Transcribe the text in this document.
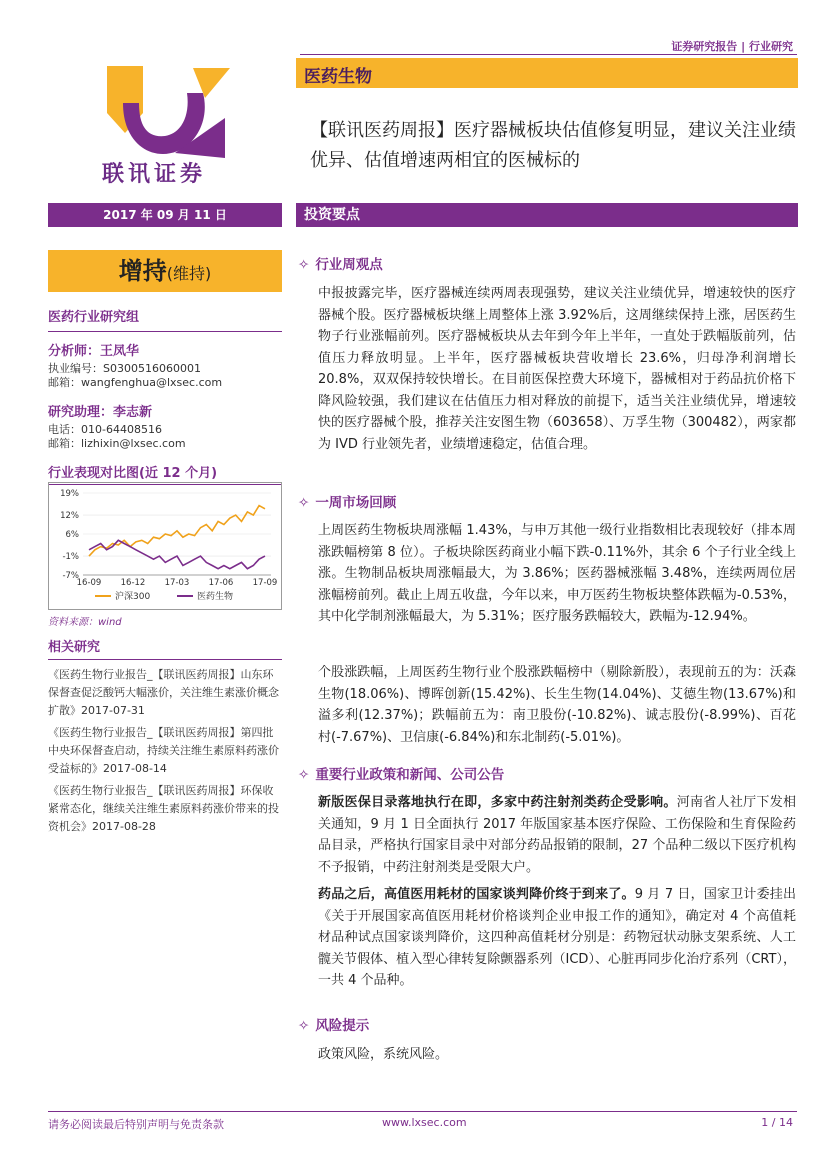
证券研究报告 | 行业研究
联讯证券
医药生物
【联讯医药周报】医疗器械板块估值修复明显，建议关注业绩优异、估值增速两相宜的医械标的
2017 年 09 月 11 日	投资要点
增持(维持)
医药行业研究组
分析师：王凤华
执业编号：S0300516060001
邮箱：wangfenghua@lxsec.com
研究助理：李志新
电话：010-64408516
邮箱：lizhixin@lxsec.com
行业表现对比图(近 12 个月)
19%
12%
6%
-1%
-7%
16-09 16-12 17-03 17-06 17-09
沪深300	医药生物
资料来源：wind
相关研究
《医药生物行业报告_【联讯医药周报】山东环保督查促泛酸钙大幅涨价，关注维生素涨价概念扩散》2017-07-31
《医药生物行业报告_【联讯医药周报】第四批中央环保督查启动，持续关注维生素原料药涨价受益标的》2017-08-14
《医药生物行业报告_【联讯医药周报】环保收紧常态化，继续关注维生素原料药涨价带来的投资机会》2017-08-28
✧ 行业周观点
中报披露完毕，医疗器械连续两周表现强势，建议关注业绩优异，增速较快的医疗器械个股。医疗器械板块继上周整体上涨 3.92%后，这周继续保持上涨，居医药生物子行业涨幅前列。医疗器械板块从去年到今年上半年，一直处于跌幅版前列，估值压力释放明显。上半年，医疗器械板块营收增长 23.6%，归母净利润增长 20.8%，双双保持较快增长。在目前医保控费大环境下，器械相对于药品抗价格下降风险较强，我们建议在估值压力相对释放的前提下，适当关注业绩优异，增速较快的医疗器械个股，推荐关注安图生物（603658）、万孚生物（300482），两家都为 IVD 行业领先者，业绩增速稳定，估值合理。
✧ 一周市场回顾
上周医药生物板块周涨幅 1.43%，与申万其他一级行业指数相比表现较好（排本周涨跌幅榜第 8 位）。子板块除医药商业小幅下跌-0.11%外，其余 6 个子行业全线上涨。生物制品板块周涨幅最大，为 3.86%；医药器械涨幅 3.48%，连续两周位居涨幅榜前列。截止上周五收盘，今年以来，申万医药生物板块整体跌幅为-0.53%，其中化学制剂涨幅最大，为 5.31%；医疗服务跌幅较大，跌幅为-12.94%。
个股涨跌幅，上周医药生物行业个股涨跌幅榜中（剔除新股），表现前五的为：沃森生物(18.06%)、博晖创新(15.42%)、长生生物(14.04%)、艾德生物(13.67%)和溢多利(12.37%)；跌幅前五为：南卫股份(-10.82%)、诚志股份(-8.99%)、百花村(-7.67%)、卫信康(-6.84%)和东北制药(-5.01%)。
✧ 重要行业政策和新闻、公司公告
新版医保目录落地执行在即，多家中药注射剂类药企受影响。河南省人社厅下发相关通知，9 月 1 日全面执行 2017 年版国家基本医疗保险、工伤保险和生育保险药品目录，严格执行国家目录中对部分药品报销的限制，27 个品种二级以下医疗机构不予报销，中药注射剂类是受限大户。
药品之后，高值医用耗材的国家谈判降价终于到来了。9 月 7 日，国家卫计委挂出《关于开展国家高值医用耗材价格谈判企业申报工作的通知》，确定对 4 个高值耗材品种试点国家谈判降价，这四种高值耗材分别是：药物冠状动脉支架系统、人工髋关节假体、植入型心律转复除颤器系列（ICD）、心脏再同步化治疗系列（CRT），一共 4 个品种。
✧ 风险提示
政策风险，系统风险。
请务必阅读最后特别声明与免责条款	www.lxsec.com	1 / 14
